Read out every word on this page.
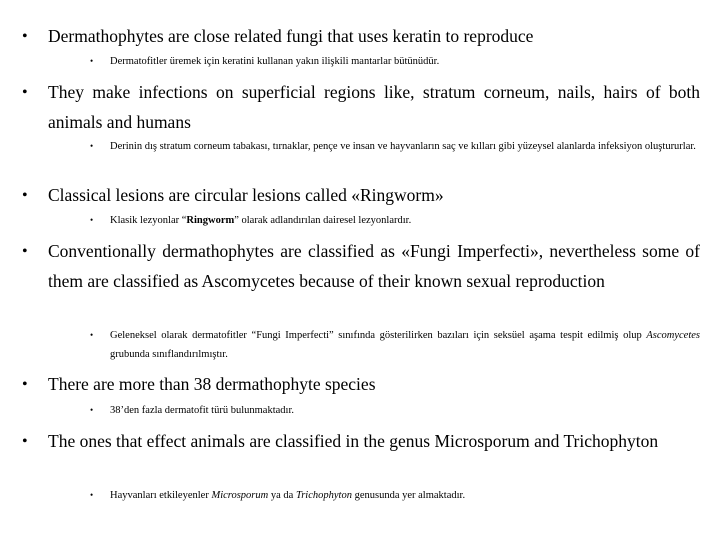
• Dermathophytes are close related fungi that uses keratin to reproduce
• Dermatofitler üremek için keratini kullanan yakın ilişkili mantarlar bütünüdür.
• They make infections on superficial regions like, stratum corneum, nails, hairs of both animals and humans
• Derinin dış stratum corneum tabakası, tırnaklar, pençe ve insan ve hayvanların saç ve kılları gibi yüzeysel alanlarda infeksiyon oluştururlar.
• Classical lesions are circular lesions called «Ringworm»
• Klasik lezyonlar “Ringworm” olarak adlandırılan dairesel lezyonlardır.
• Conventionally dermathophytes are classified as «Fungi Imperfecti», nevertheless some of them are classified as Ascomycetes because of their known sexual reproduction
• Geleneksel olarak dermatofitler “Fungi Imperfecti” sınıfında gösterilirken bazıları için seksüel aşama tespit edilmiş olup Ascomycetes grubunda sınıflandırılmıştır.
• There are more than 38 dermathophyte species
• 38’den fazla dermatofit türü bulunmaktadır.
• The ones that effect animals are classified in the genus Microsporum and Trichophyton
• Hayvanları etkileyenler Microsporum ya da Trichophyton genusunda yer almaktadır.
